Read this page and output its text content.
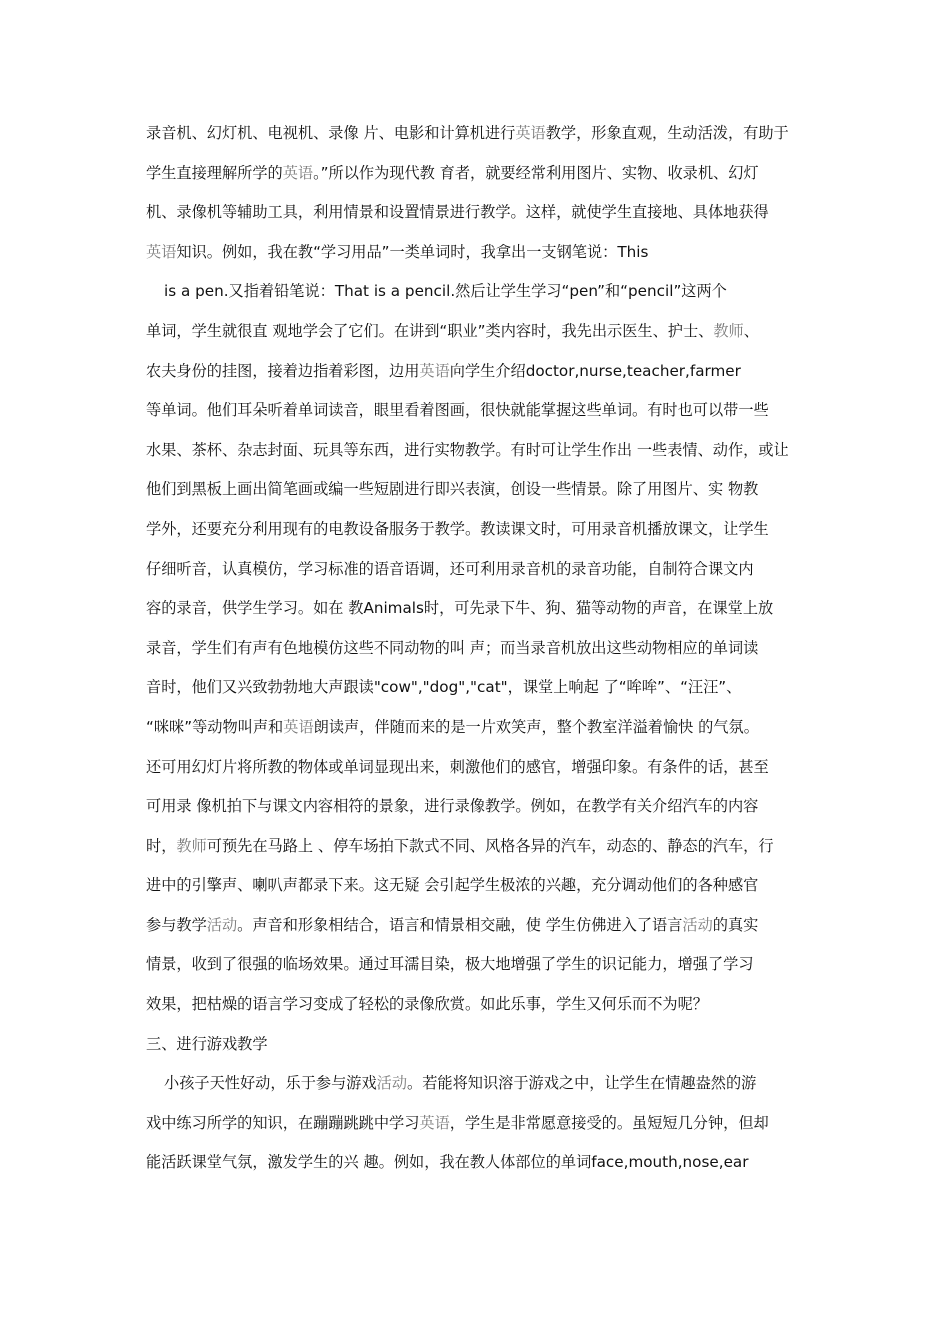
录音机、幻灯机、电视机、录像 片、电影和计算机进行英语教学，形象直观，生动活泼，有助于
学生直接理解所学的英语。”所以作为现代教 育者，就要经常利用图片、实物、收录机、幻灯
机、录像机等辅助工具，利用情景和设置情景进行教学。这样，就使学生直接地、具体地获得
英语知识。例如，我在教“学习用品”一类单词时，我拿出一支钢笔说：This
is a pen.又指着铅笔说：That is a pencil.然后让学生学习“pen”和“pencil”这两个
单词，学生就很直 观地学会了它们。在讲到“职业”类内容时，我先出示医生、护士、教师、
农夫身份的挂图，接着边指着彩图，边用英语向学生介绍doctor,nurse,teacher,farmer
等单词。他们耳朵听着单词读音，眼里看着图画，很快就能掌握这些单词。有时也可以带一些
水果、茶杯、杂志封面、玩具等东西，进行实物教学。有时可让学生作出 一些表情、动作，或让
他们到黑板上画出简笔画或编一些短剧进行即兴表演，创设一些情景。除了用图片、实 物教
学外，还要充分利用现有的电教设备服务于教学。教读课文时，可用录音机播放课文，让学生
仔细听音，认真模仿，学习标准的语音语调，还可利用录音机的录音功能，自制符合课文内
容的录音，供学生学习。如在 教Animals时，可先录下牛、狗、猫等动物的声音，在课堂上放
录音，学生们有声有色地模仿这些不同动物的叫 声；而当录音机放出这些动物相应的单词读
音时，他们又兴致勃勃地大声跟读"cow","dog","cat"，课堂上响起 了“哞哞”、“汪汪”、
“咪咪”等动物叫声和英语朗读声，伴随而来的是一片欢笑声，整个教室洋溢着愉快 的气氛。
还可用幻灯片将所教的物体或单词显现出来，刺激他们的感官，增强印象。有条件的话，甚至
可用录 像机拍下与课文内容相符的景象，进行录像教学。例如，在教学有关介绍汽车的内容
时，教师可预先在马路上 、停车场拍下款式不同、风格各异的汽车，动态的、静态的汽车，行
进中的引擎声、喇叭声都录下来。这无疑 会引起学生极浓的兴趣，充分调动他们的各种感官
参与教学活动。声音和形象相结合，语言和情景相交融，使 学生仿佛进入了语言活动的真实
情景，收到了很强的临场效果。通过耳濡目染，极大地增强了学生的识记能力，增强了学习
效果，把枯燥的语言学习变成了轻松的录像欣赏。如此乐事，学生又何乐而不为呢？
三、进行游戏教学
小孩子天性好动，乐于参与游戏活动。若能将知识溶于游戏之中，让学生在情趣盎然的游
戏中练习所学的知识，在蹦蹦跳跳中学习英语，学生是非常愿意接受的。虽短短几分钟，但却
能活跃课堂气氛，激发学生的兴 趣。例如，我在教人体部位的单词face,mouth,nose,ear
